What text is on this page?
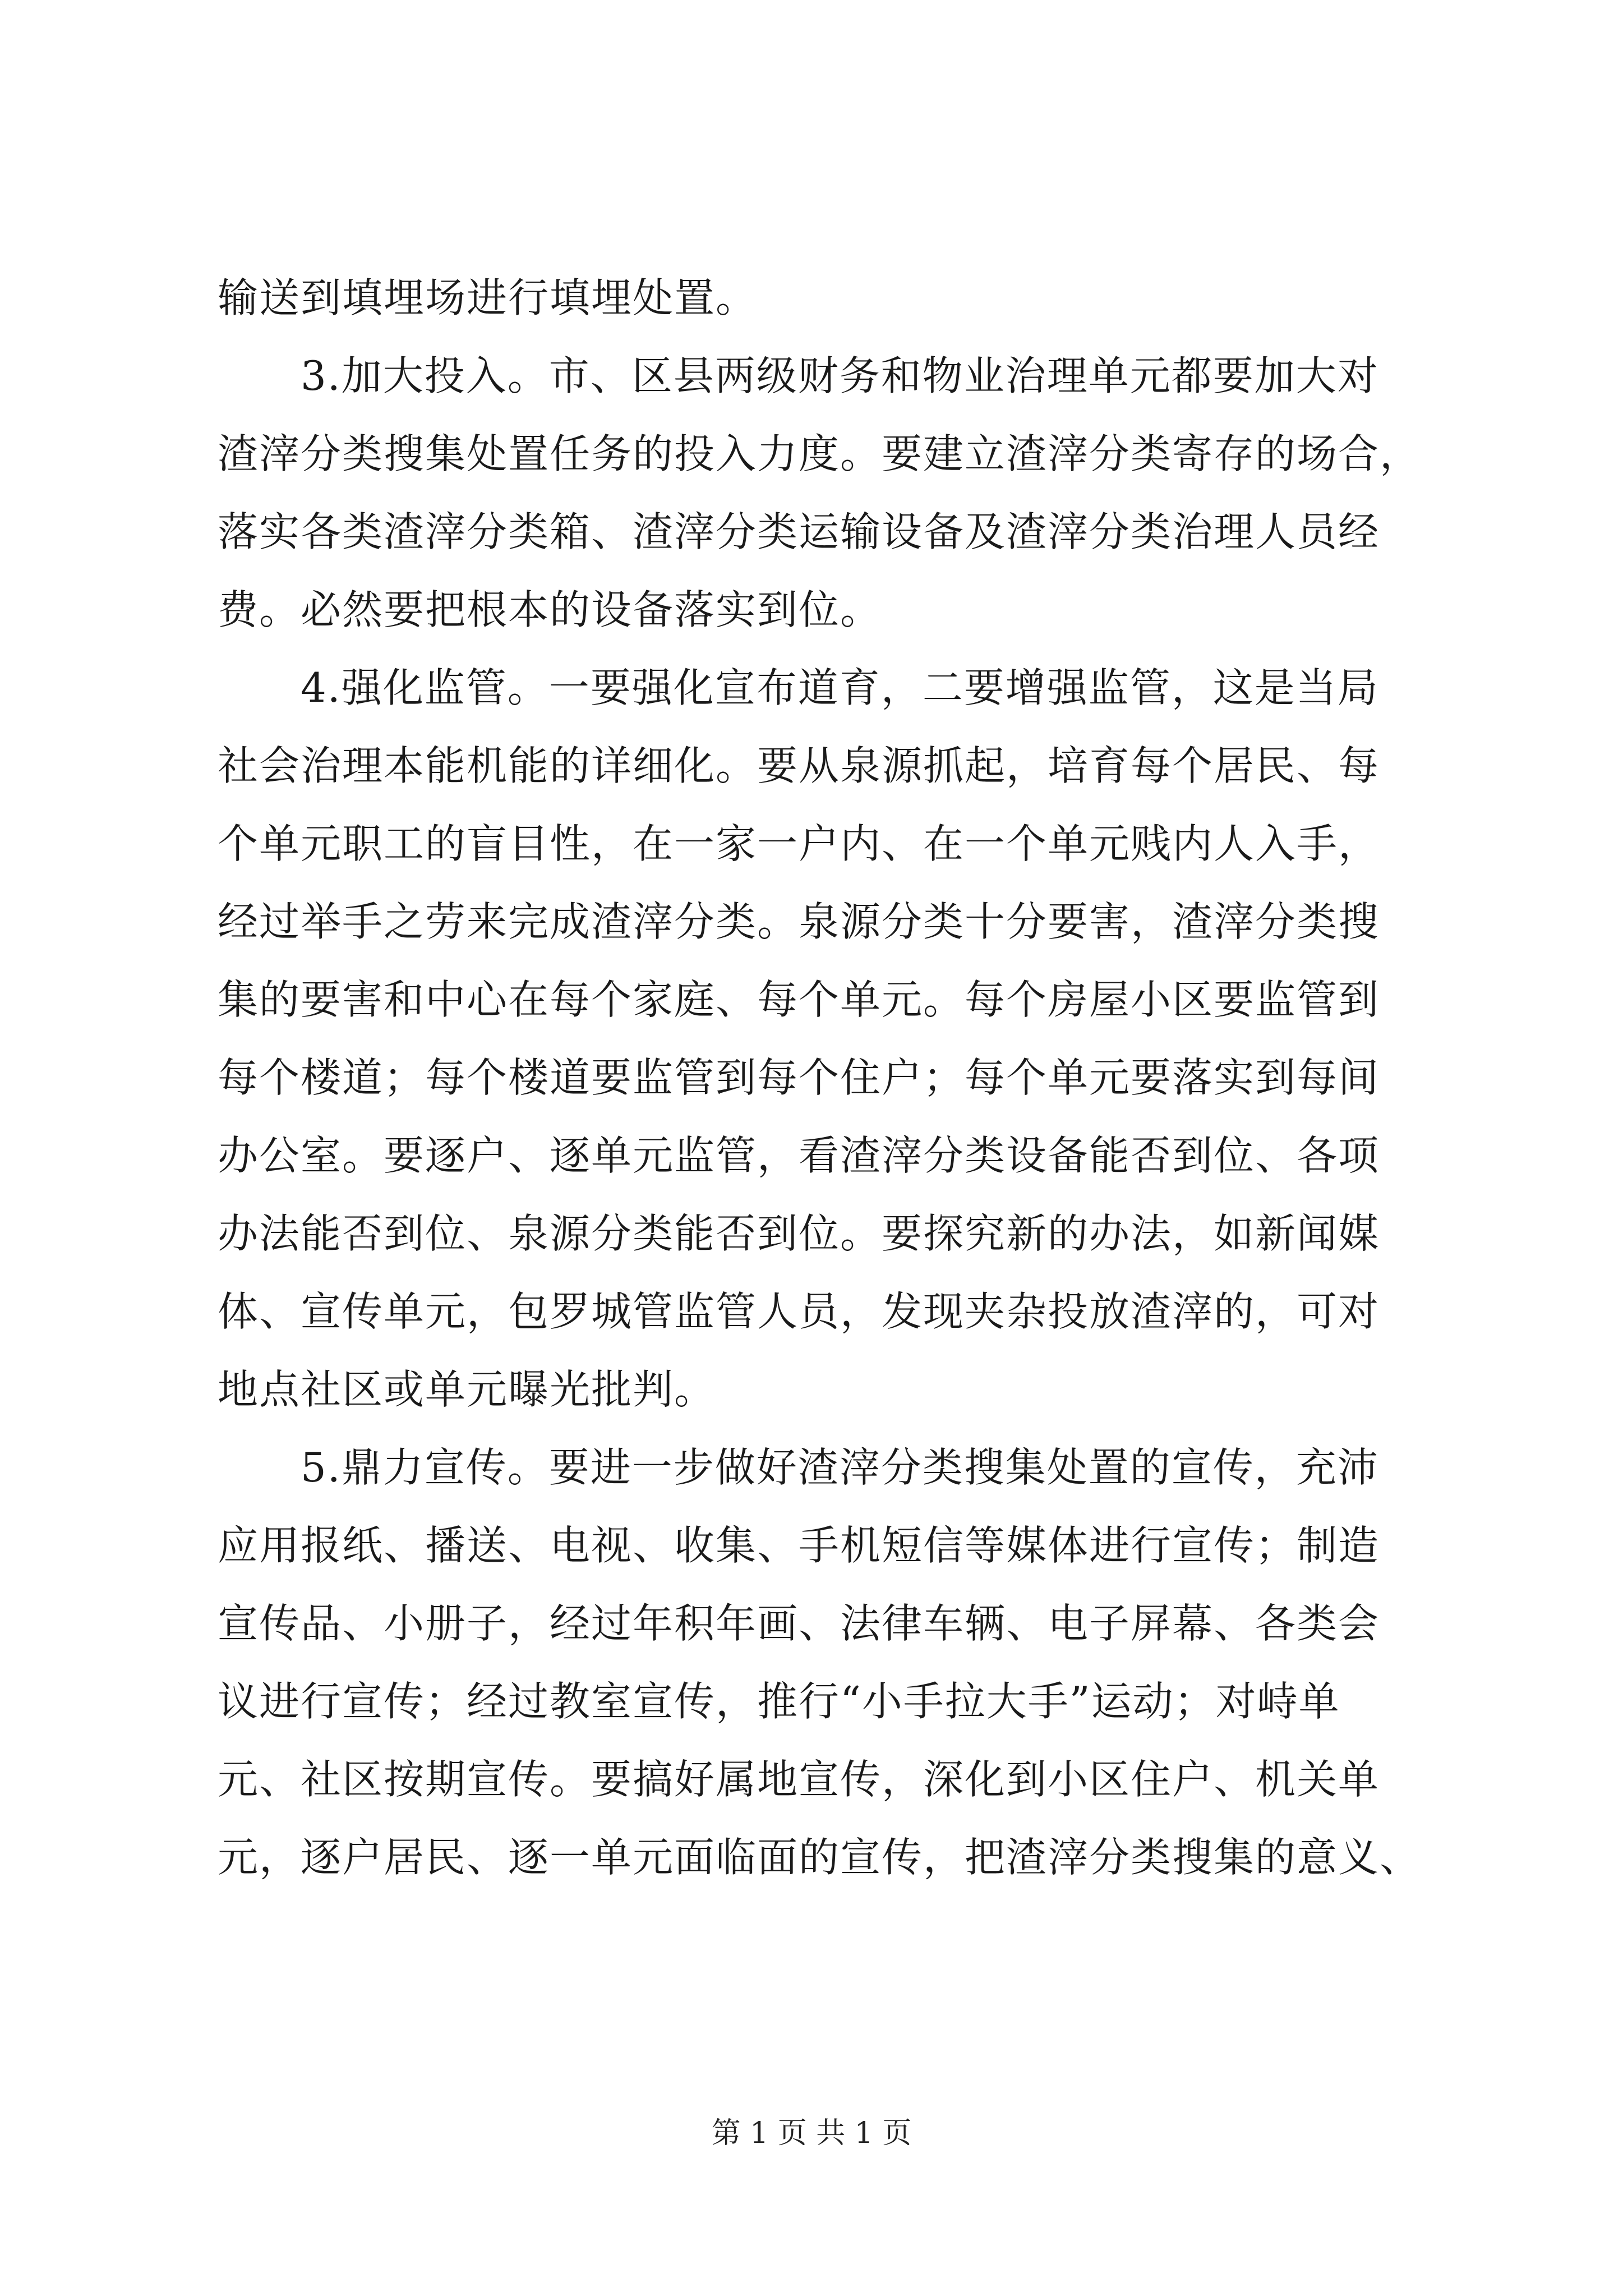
输送到填埋场进行填埋处置。
3.加大投入。市、区县两级财务和物业治理单元都要加大对
渣滓分类搜集处置任务的投入力度。要建立渣滓分类寄存的场合，
落实各类渣滓分类箱、渣滓分类运输设备及渣滓分类治理人员经
费。必然要把根本的设备落实到位。
4.强化监管。一要强化宣布道育，二要增强监管，这是当局
社会治理本能机能的详细化。要从泉源抓起，培育每个居民、每
个单元职工的盲目性，在一家一户内、在一个单元贱内人入手，
经过举手之劳来完成渣滓分类。泉源分类十分要害，渣滓分类搜
集的要害和中心在每个家庭、每个单元。每个房屋小区要监管到
每个楼道；每个楼道要监管到每个住户；每个单元要落实到每间
办公室。要逐户、逐单元监管，看渣滓分类设备能否到位、各项
办法能否到位、泉源分类能否到位。要探究新的办法，如新闻媒
体、宣传单元，包罗城管监管人员，发现夹杂投放渣滓的，可对
地点社区或单元曝光批判。
5.鼎力宣传。要进一步做好渣滓分类搜集处置的宣传，充沛
应用报纸、播送、电视、收集、手机短信等媒体进行宣传；制造
宣传品、小册子，经过年积年画、法律车辆、电子屏幕、各类会
议进行宣传；经过教室宣传，推行“小手拉大手”运动；对峙单
元、社区按期宣传。要搞好属地宣传，深化到小区住户、机关单
元，逐户居民、逐一单元面临面的宣传，把渣滓分类搜集的意义、
第 1 页 共 1 页
